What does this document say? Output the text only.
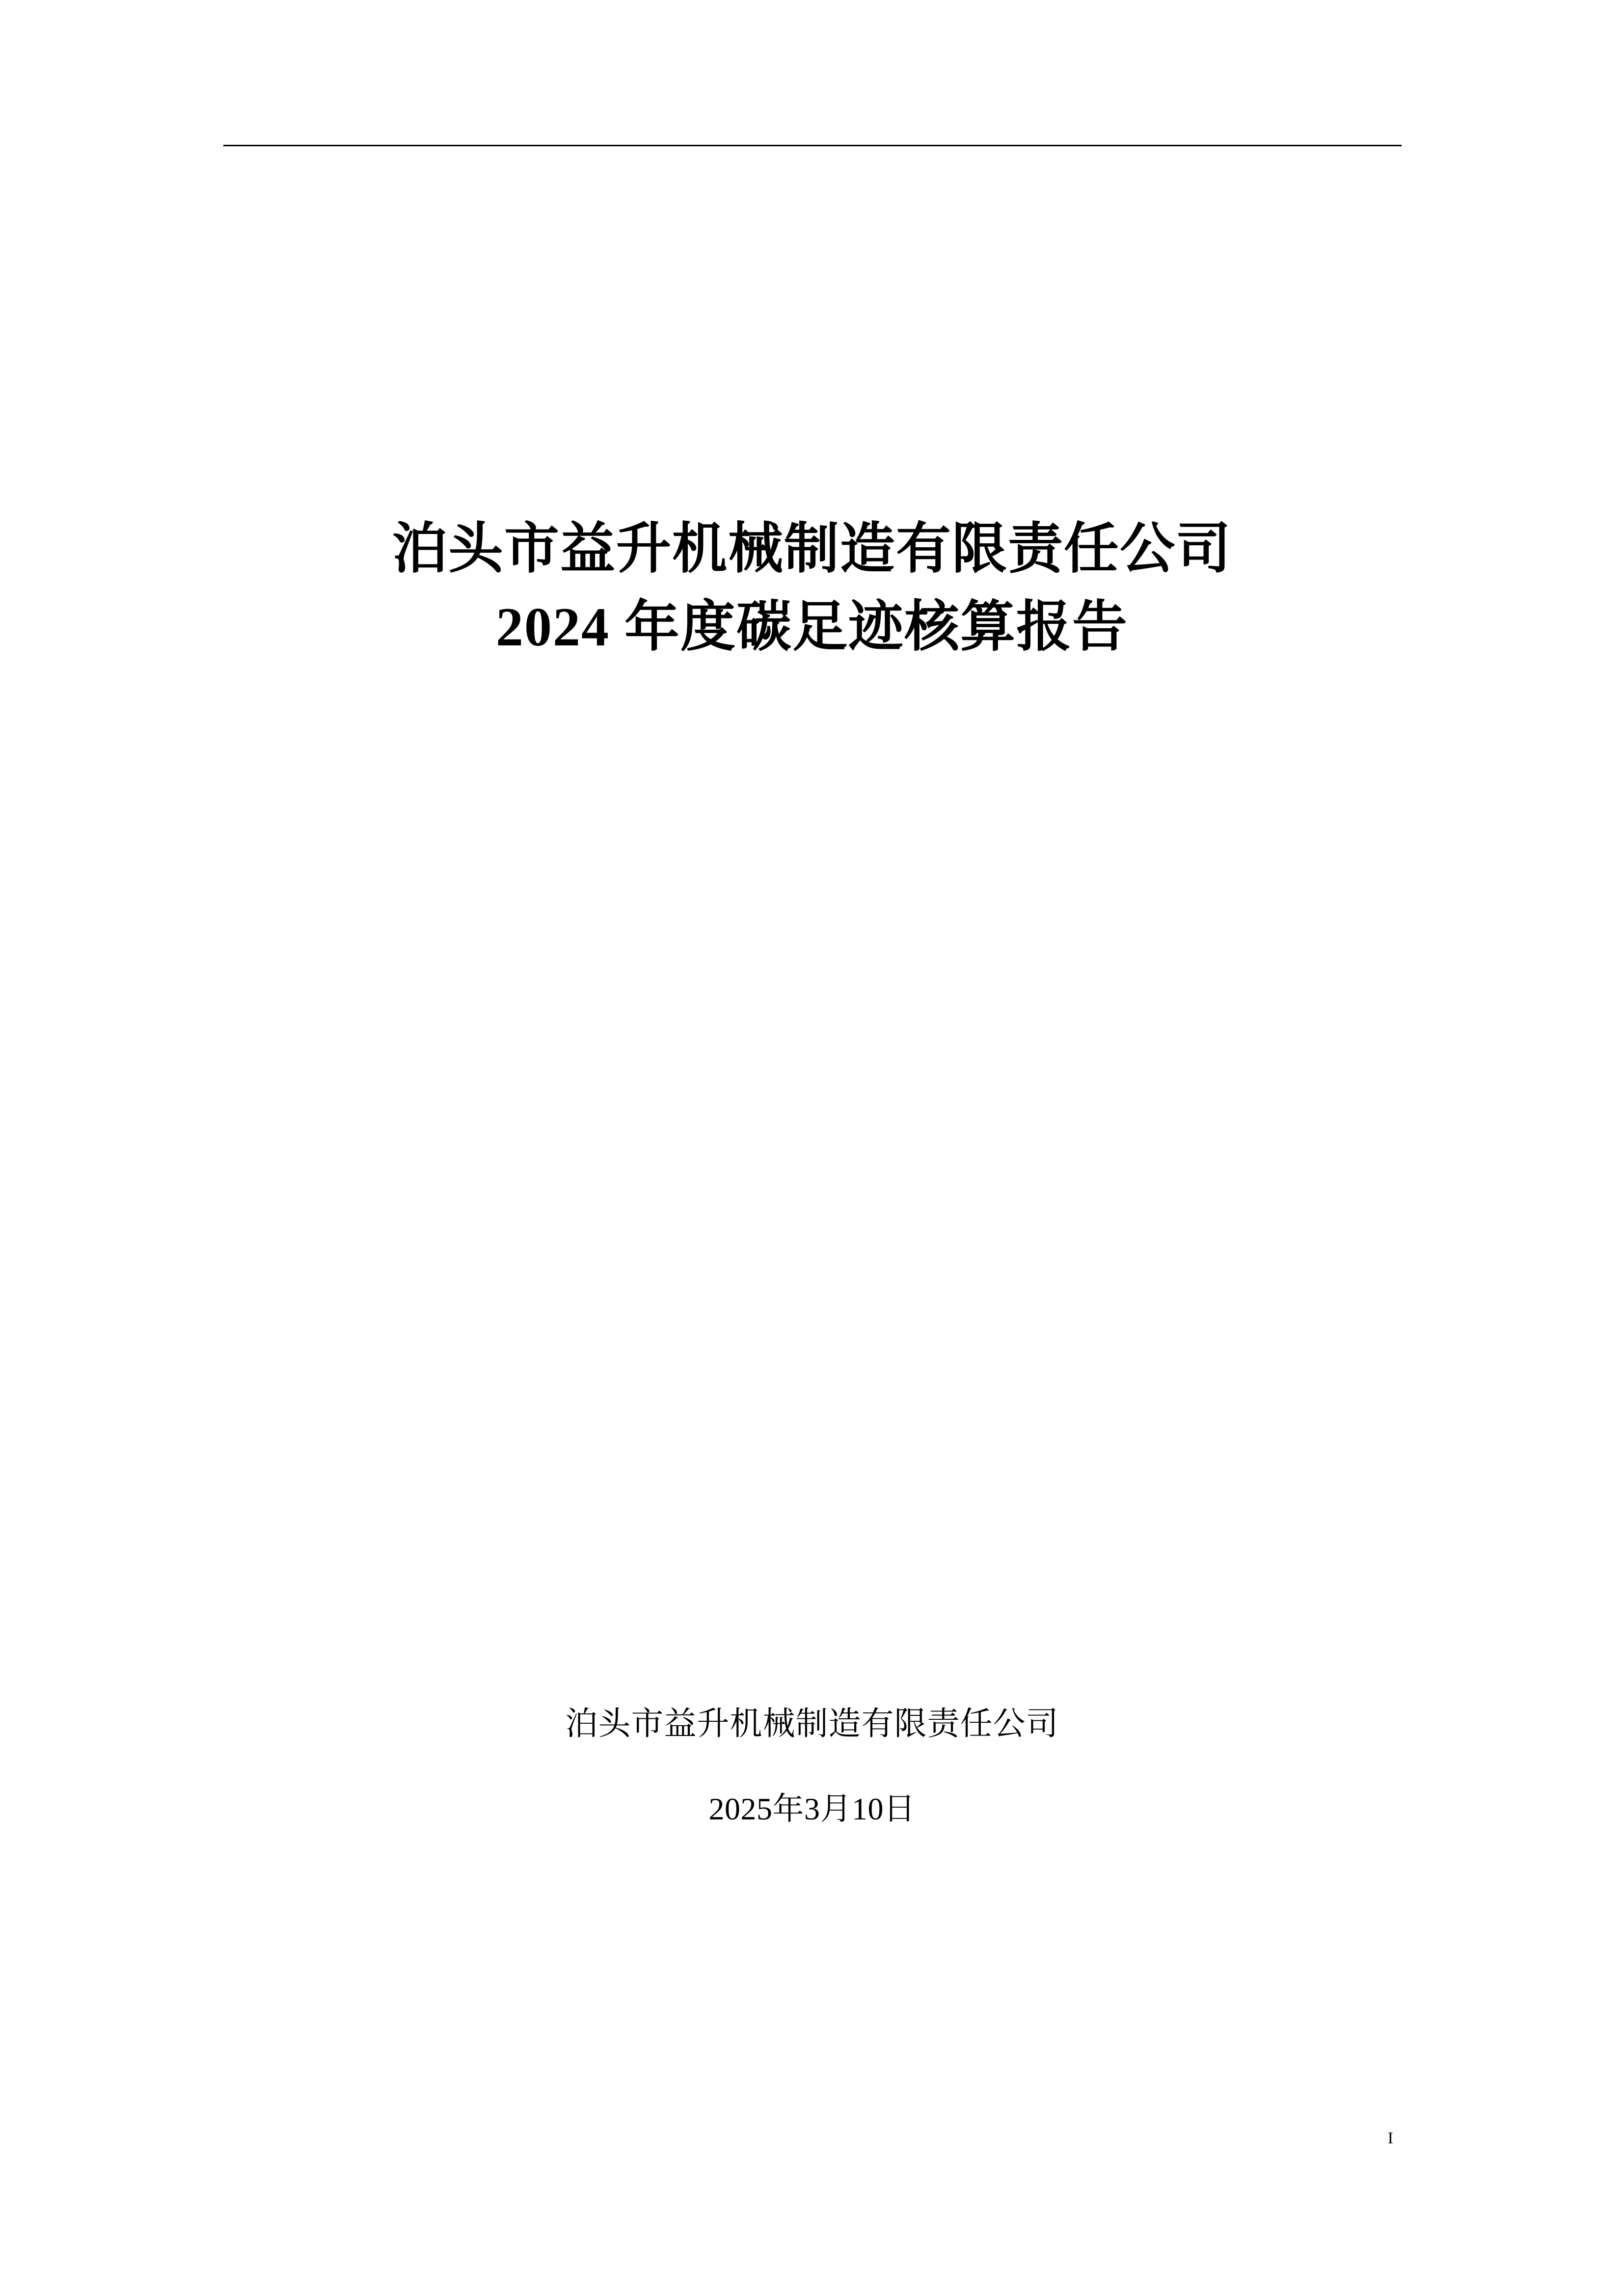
泊头市益升机械制造有限责任公司
2024 年度碳足迹核算报告
泊头市益升机械制造有限责任公司
2025年3月10日
I
